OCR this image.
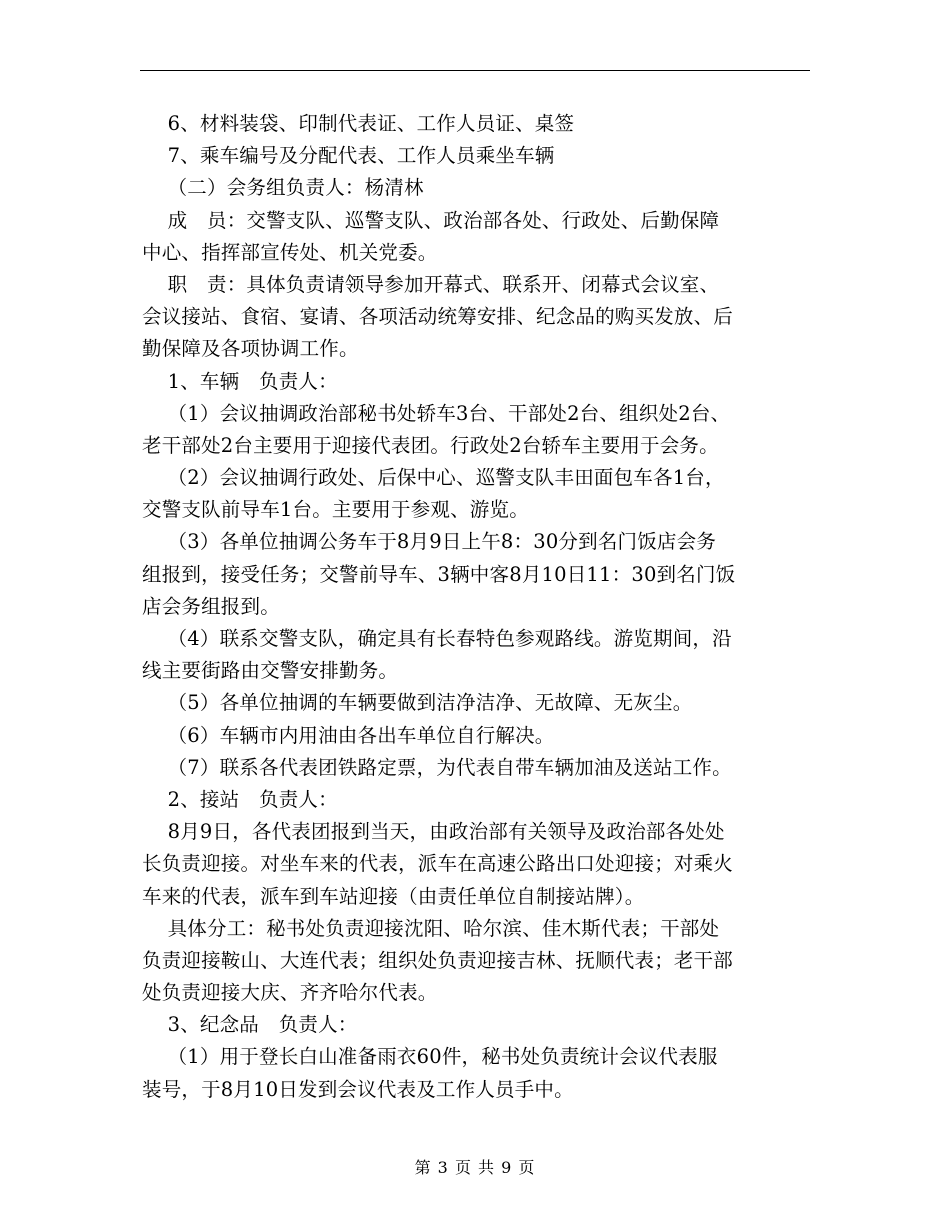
6、材料装袋、印制代表证、工作人员证、桌签
7、乘车编号及分配代表、工作人员乘坐车辆
（二）会务组负责人：杨清林
成　员：交警支队、巡警支队、政治部各处、行政处、后勤保障
中心、指挥部宣传处、机关党委。
职　责：具体负责请领导参加开幕式、联系开、闭幕式会议室、
会议接站、食宿、宴请、各项活动统筹安排、纪念品的购买发放、后
勤保障及各项协调工作。
1、车辆　负责人：
（1）会议抽调政治部秘书处轿车3台、干部处2台、组织处2台、
老干部处2台主要用于迎接代表团。行政处2台轿车主要用于会务。
（2）会议抽调行政处、后保中心、巡警支队丰田面包车各1台，
交警支队前导车1台。主要用于参观、游览。
（3）各单位抽调公务车于8月9日上午8：30分到名门饭店会务
组报到，接受任务；交警前导车、3辆中客8月10日11：30到名门饭
店会务组报到。
（4）联系交警支队，确定具有长春特色参观路线。游览期间，沿
线主要街路由交警安排勤务。
（5）各单位抽调的车辆要做到洁净洁净、无故障、无灰尘。
（6）车辆市内用油由各出车单位自行解决。
（7）联系各代表团铁路定票，为代表自带车辆加油及送站工作。
2、接站　负责人：
8月9日，各代表团报到当天，由政治部有关领导及政治部各处处
长负责迎接。对坐车来的代表，派车在高速公路出口处迎接；对乘火
车来的代表，派车到车站迎接（由责任单位自制接站牌）。
具体分工：秘书处负责迎接沈阳、哈尔滨、佳木斯代表；干部处
负责迎接鞍山、大连代表；组织处负责迎接吉林、抚顺代表；老干部
处负责迎接大庆、齐齐哈尔代表。
3、纪念品　负责人：
（1）用于登长白山准备雨衣60件，秘书处负责统计会议代表服
装号，于8月10日发到会议代表及工作人员手中。
第 3 页 共 9 页
